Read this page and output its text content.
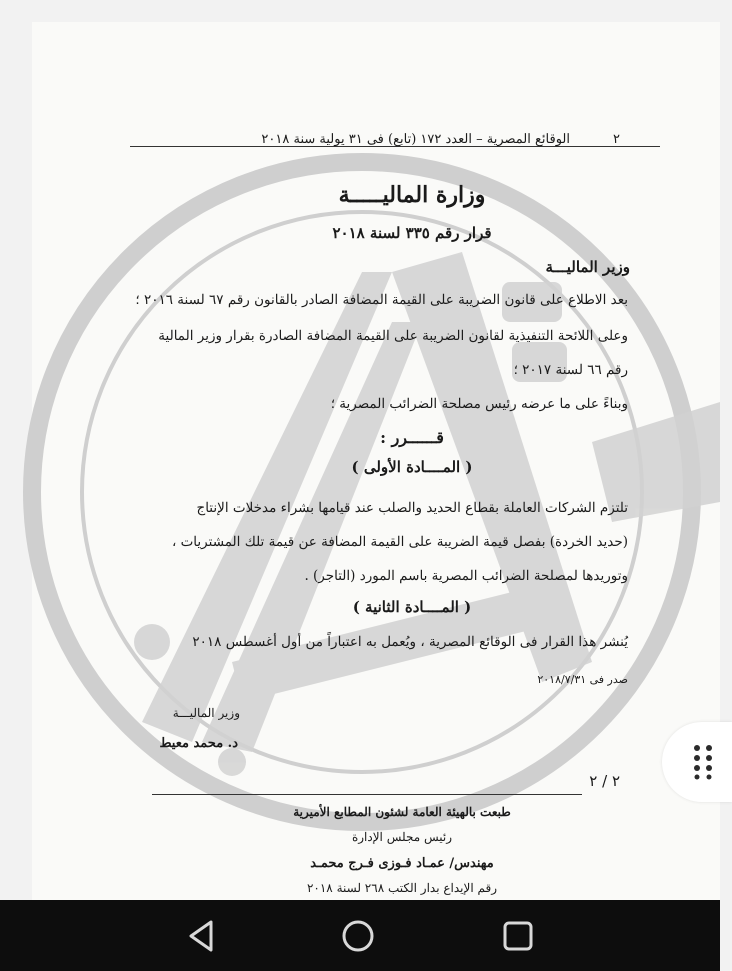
٢
الوقائع المصرية – العدد ١٧٢ (تابع) فى ٣١ يولية سنة ٢٠١٨
وزارة الماليـــــة
قرار رقم ٣٣٥ لسنة ٢٠١٨
وزير الماليـــة
بعد الاطلاع على قانون الضريبة على القيمة المضافة الصادر بالقانون رقم ٦٧ لسنة ٢٠١٦ ؛
وعلى اللائحة التنفيذية لقانون الضريبة على القيمة المضافة الصادرة بقرار وزير المالية
رقم ٦٦ لسنة ٢٠١٧ ؛
وبناءً على ما عرضه رئيس مصلحة الضرائب المصرية ؛
قــــــرر :
( المــــادة الأولى )
تلتزم الشركات العاملة بقطاع الحديد والصلب عند قيامها بشراء مدخلات الإنتاج
(حديد الخردة) بفصل قيمة الضريبة على القيمة المضافة عن قيمة تلك المشتريات ،
وتوريدها لمصلحة الضرائب المصرية باسم المورد (التاجر) .
( المــــادة الثانية )
يُنشر هذا القرار فى الوقائع المصرية ، ويُعمل به اعتباراً من أول أغسطس ٢٠١٨
صدر فى ٢٠١٨/٧/٣١
وزير الماليـــة
د. محمد معيط
٢ / ٢
طبعت بالهيئة العامة لشئون المطابع الأميرية
رئيس مجلس الإدارة
مهندس/ عمـاد فـوزى فـرج محمـد
رقم الإيداع بدار الكتب ٢٦٨ لسنة ٢٠١٨
